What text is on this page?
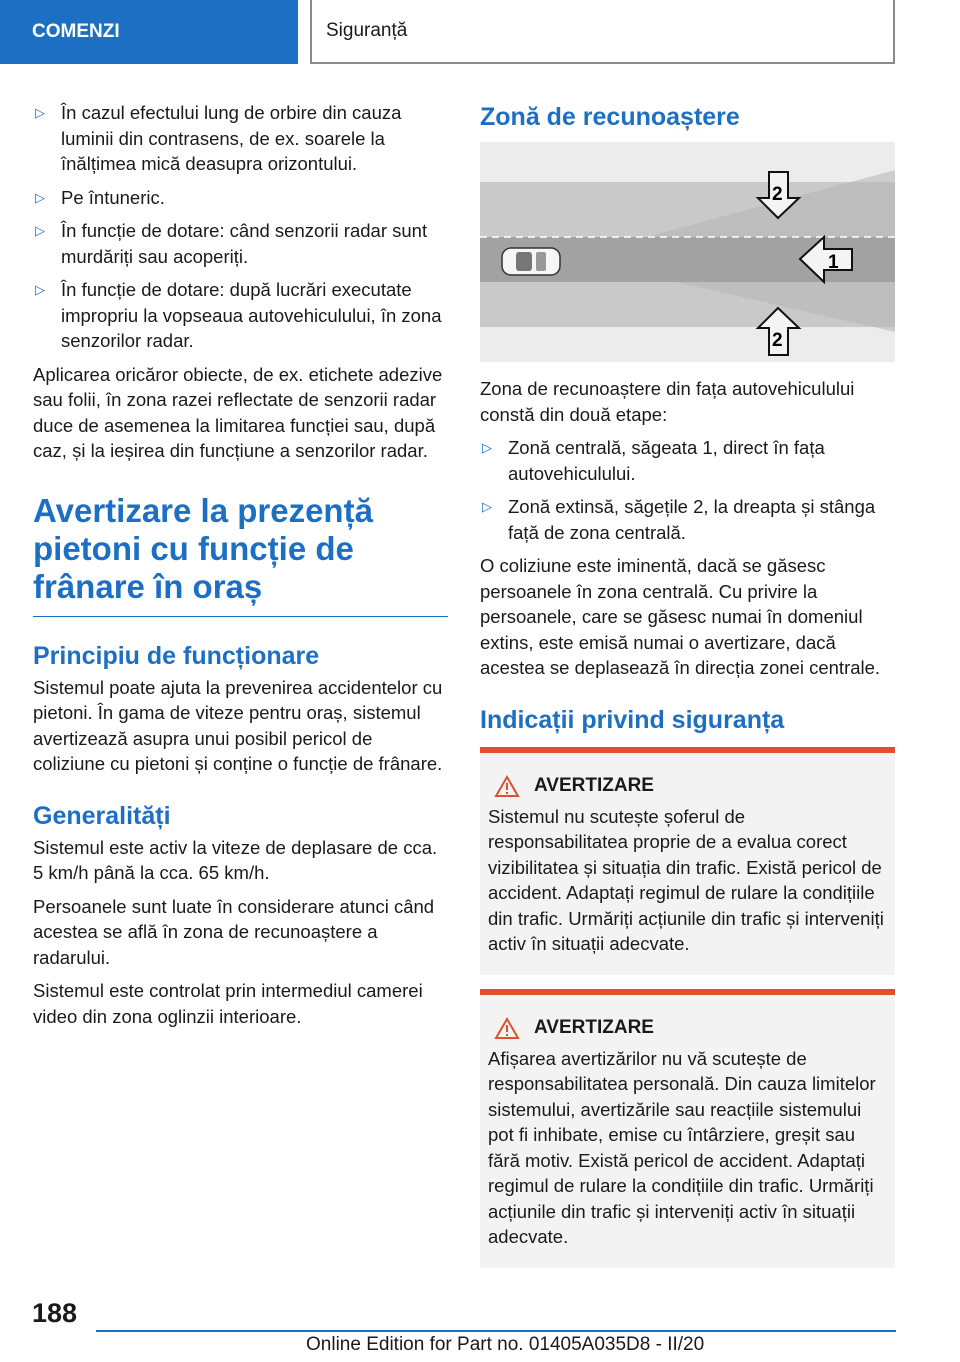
COMENZI	Siguranță
▷ În cazul efectului lung de orbire din cauza luminii din contrasens, de ex. soarele la înălțimea mică deasupra orizontului.
▷ Pe întuneric.
▷ În funcție de dotare: când senzorii radar sunt murdăriți sau acoperiți.
▷ În funcție de dotare: după lucrări executate impropriu la vopseaua autovehiculului, în zona senzorilor radar.

Aplicarea oricăror obiecte, de ex. etichete adezive sau folii, în zona razei reflectate de senzorii radar duce de asemenea la limitarea funcției sau, după caz, și la ieșirea din funcțiune a senzorilor radar.

Avertizare la prezență pietoni cu funcție de frânare în oraș
Principiu de funcționare

Sistemul poate ajuta la prevenirea accidentelor cu pietoni. În gama de viteze pentru oraș, sistemul avertizează asupra unui posibil pericol de coliziune cu pietoni și conține o funcție de frânare.

Generalități

Sistemul este activ la viteze de deplasare de cca. 5 km/h până la cca. 65 km/h.

Persoanele sunt luate în considerare atunci când acestea se află în zona de recunoaștere a radarului.

Sistemul este controlat prin intermediul camerei video din zona oglinzii interioare.

Zonă de recunoaștere
1
2
2

Zona de recunoaștere din fața autovehiculului constă din două etape:

▷ Zonă centrală, săgeata 1, direct în fața autovehiculului.
▷ Zonă extinsă, săgețile 2, la dreapta și stânga față de zona centrală.

O coliziune este iminentă, dacă se găsesc persoanele în zona centrală. Cu privire la persoanele, care se găsesc numai în domeniul extins, este emisă numai o avertizare, dacă acestea se deplasează în direcția zonei centrale.

Indicații privind siguranța
AVERTIZARE

Sistemul nu scutește șoferul de responsabilitatea proprie de a evalua corect vizibilitatea și situația din trafic. Există pericol de accident. Adaptați regimul de rulare la condițiile din trafic. Urmăriți acțiunile din trafic și interveniți activ în situații adecvate.

AVERTIZARE

Afișarea avertizărilor nu vă scutește de responsabilitatea personală. Din cauza limitelor sistemului, avertizările sau reacțiile sistemului pot fi inhibate, emise cu întârziere, greșit sau fără motiv. Există pericol de accident. Adaptați regimul de rulare la condițiile din trafic. Urmăriți acțiunile din trafic și interveniți activ în situații adecvate.

188
Online Edition for Part no. 01405A035D8 - II/20
